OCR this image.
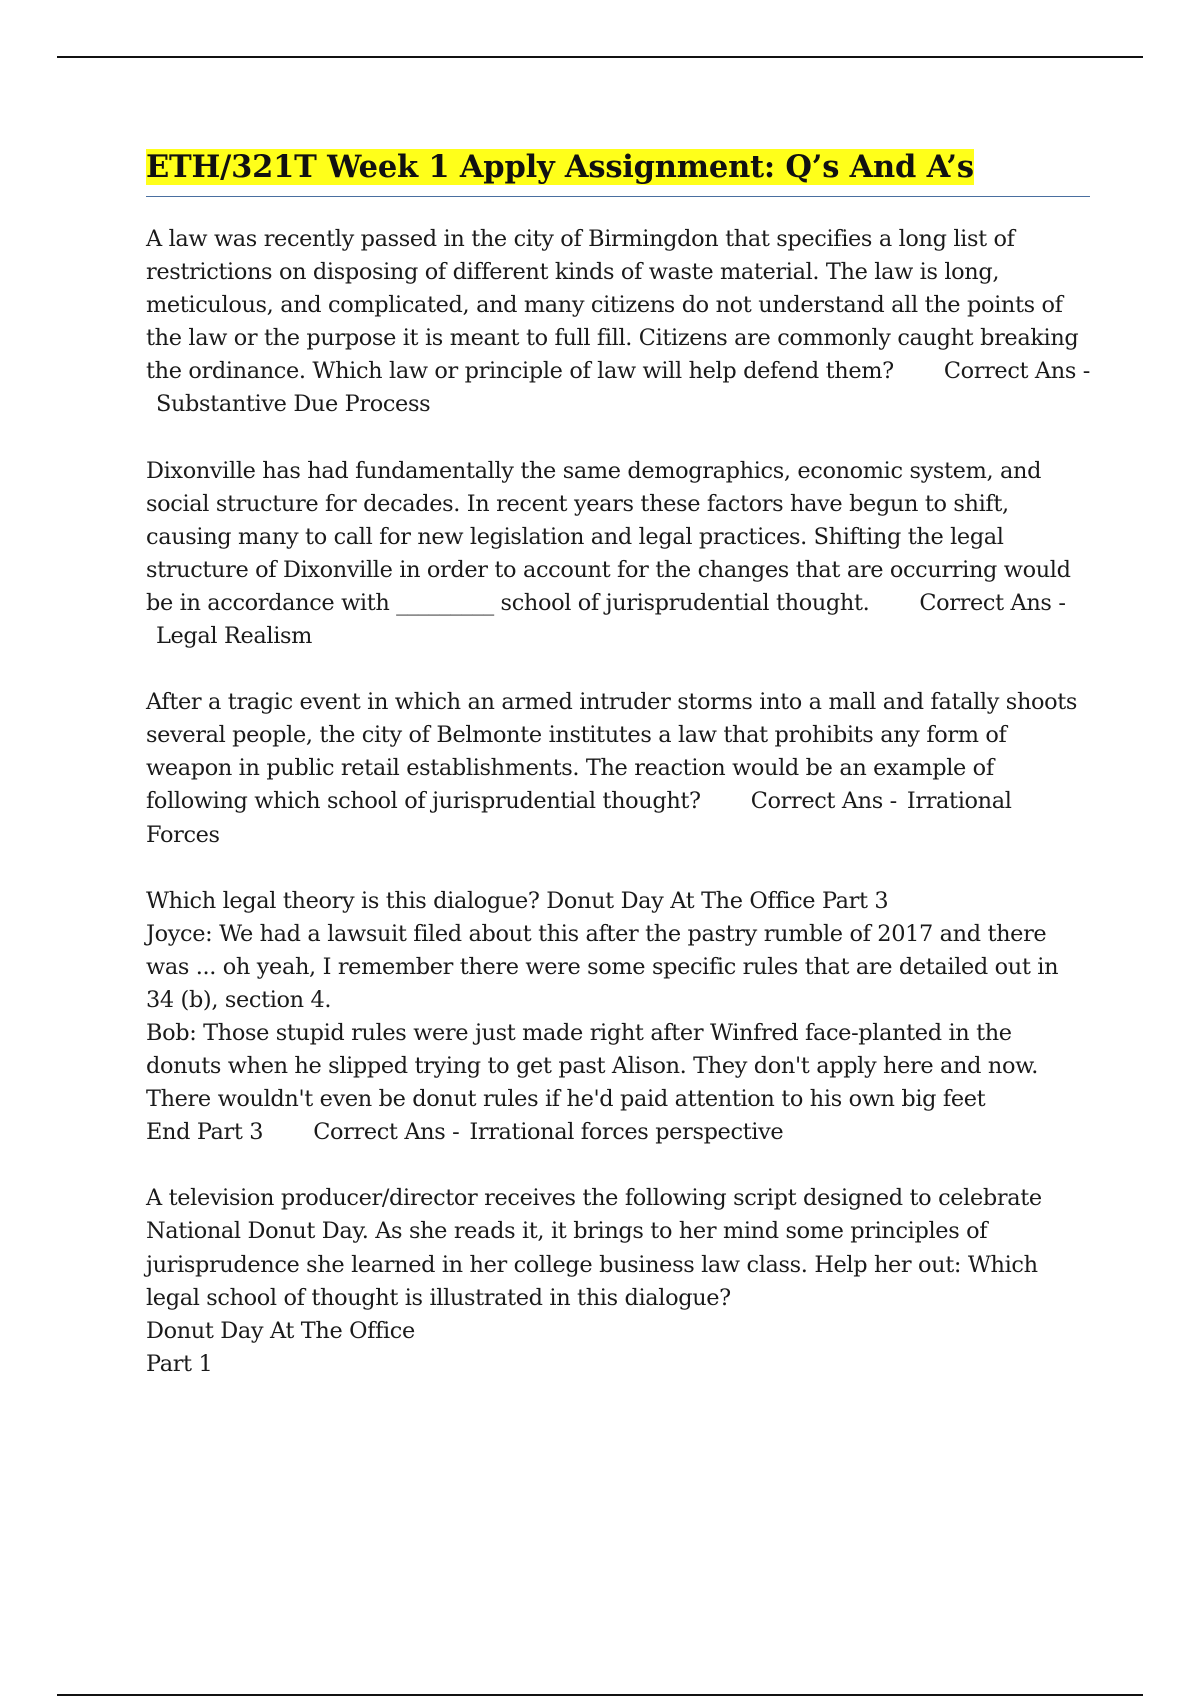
ETH/321T Week 1 Apply Assignment: Q’s And A’s

A law was recently passed in the city of Birmingdon that specifies a long list of restrictions on disposing of different kinds of waste material. The law is long, meticulous, and complicated, and many citizens do not understand all the points of the law or the purpose it is meant to full fill. Citizens are commonly caught breaking the ordinance. Which law or principle of law will help defend them? Correct Ans -Substantive Due Process

Dixonville has had fundamentally the same demographics, economic system, and social structure for decades. In recent years these factors have begun to shift, causing many to call for new legislation and legal practices. Shifting the legal structure of Dixonville in order to account for the changes that are occurring would be in accordance with _________ school of jurisprudential thought. Correct Ans -Legal Realism

After a tragic event in which an armed intruder storms into a mall and fatally shoots several people, the city of Belmonte institutes a law that prohibits any form of weapon in public retail establishments. The reaction would be an example of following which school of jurisprudential thought? Correct Ans - Irrational Forces

Which legal theory is this dialogue? Donut Day At The Office Part 3
Joyce: We had a lawsuit filed about this after the pastry rumble of 2017 and there was ... oh yeah, I remember there were some specific rules that are detailed out in 34 (b), section 4.
Bob: Those stupid rules were just made right after Winfred face-planted in the donuts when he slipped trying to get past Alison. They don't apply here and now. There wouldn't even be donut rules if he'd paid attention to his own big feet
End Part 3 Correct Ans - Irrational forces perspective

A television producer/director receives the following script designed to celebrate National Donut Day. As she reads it, it brings to her mind some principles of jurisprudence she learned in her college business law class. Help her out: Which legal school of thought is illustrated in this dialogue?
Donut Day At The Office
Part 1
